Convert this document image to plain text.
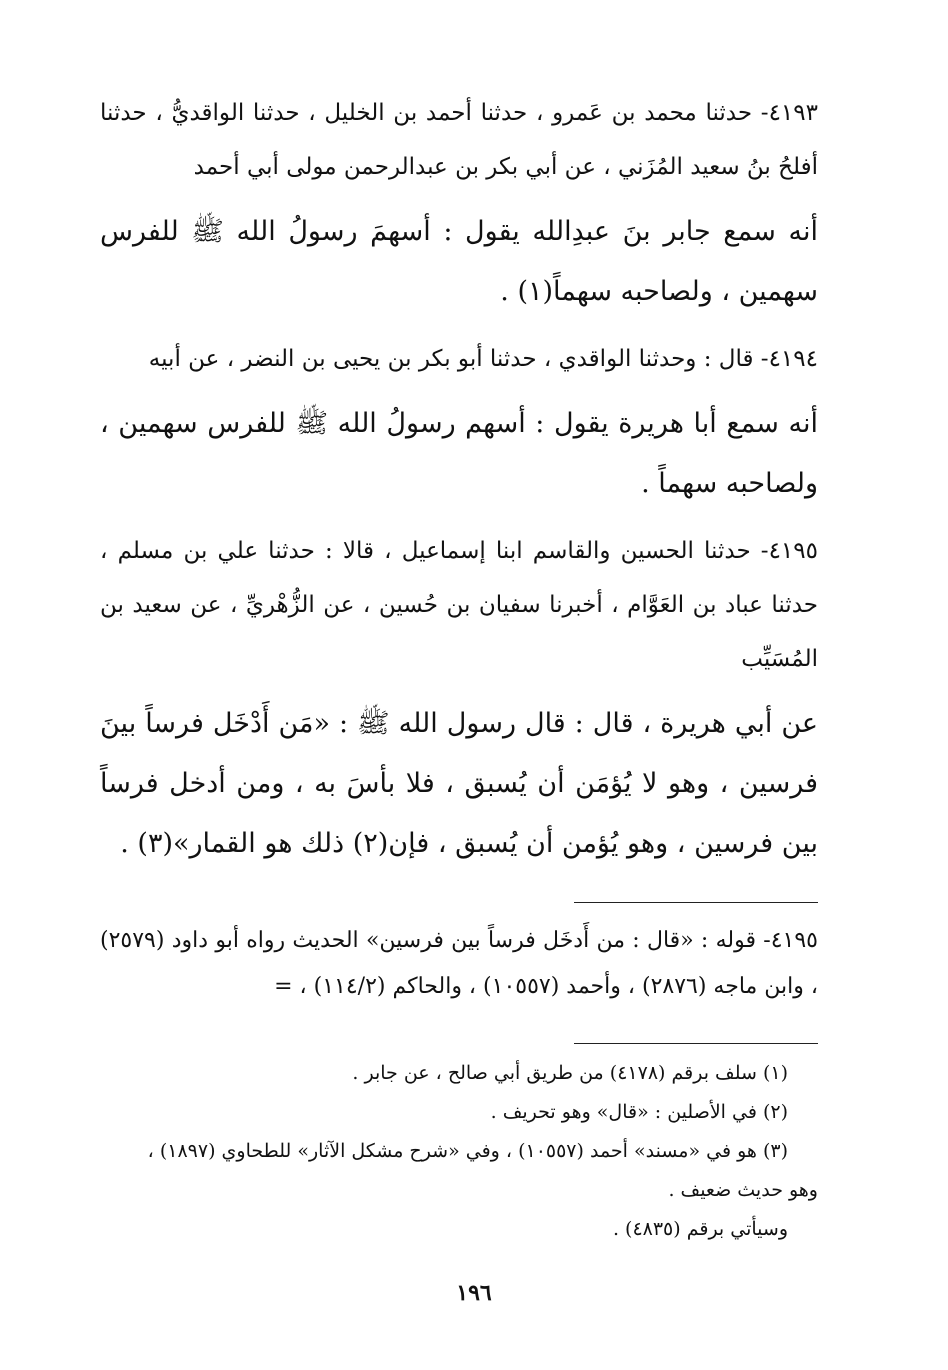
٤١٩٣- حدثنا محمد بن عَمرو ، حدثنا أحمد بن الخليل ، حدثنا الواقديُّ ، حدثنا أفلحُ بنُ سعيد المُزَني ، عن أبي بكر بن عبدالرحمن مولى أبي أحمد

أنه سمع جابر بنَ عبدِالله يقول : أسهمَ رسولُ الله ﷺ للفرس سهمين ، ولصاحبه سهماً(١) .

٤١٩٤- قال : وحدثنا الواقدي ، حدثنا أبو بكر بن يحيى بن النضر ، عن أبيه

أنه سمع أبا هريرة يقول : أسهم رسولُ الله ﷺ للفرس سهمين ، ولصاحبه سهماً .

٤١٩٥- حدثنا الحسين والقاسم ابنا إسماعيل ، قالا : حدثنا علي بن مسلم ، حدثنا عباد بن العَوَّام ، أخبرنا سفيان بن حُسين ، عن الزُّهْريِّ ، عن سعيد بن المُسَيِّب

عن أبي هريرة ، قال : قال رسول الله ﷺ : «مَن أَدْخَل فرساً بينَ فرسين ، وهو لا يُؤمَن أن يُسبق ، فلا بأسَ به ، ومن أدخل فرساً بين فرسين ، وهو يُؤمن أن يُسبق ، فإن(٢) ذلك هو القمار»(٣) .

٤١٩٥- قوله : «قال : من أَدخَل فرساً بين فرسين» الحديث رواه أبو داود (٢٥٧٩) ، وابن ماجه (٢٨٧٦) ، وأحمد (١٠٥٥٧) ، والحاكم (١١٤/٢) ، =

(١) سلف برقم (٤١٧٨) من طريق أبي صالح ، عن جابر .

(٢) في الأصلين : «قال» وهو تحريف .

(٣) هو في «مسند» أحمد (١٠٥٥٧) ، وفي «شرح مشكل الآثار» للطحاوي (١٨٩٧) ،

وهو حديث ضعيف .

وسيأتي برقم (٤٨٣٥) .

١٩٦
